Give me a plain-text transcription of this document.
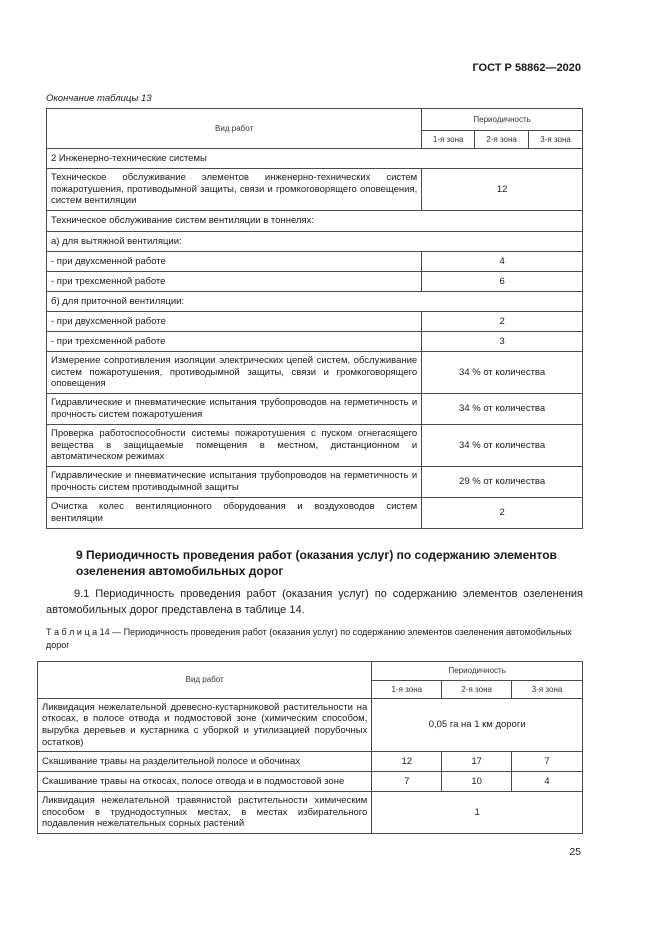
ГОСТ Р 58862—2020
Окончание таблицы 13
Вид работ	Периодичность		
	1-я зона	2-я зона	3-я зона
2 Инженерно-технические системы			
Техническое обслуживание элементов инженерно-технических систем пожаротушения, противодымной защиты, связи и громкоговорящего оповещения, систем вентиляции	12		
Техническое обслуживание систем вентиляции в тоннелях:			
а) для вытяжной вентиляции:			
- при двухсменной работе	4		
- при трехсменной работе	6		
б) для приточной вентиляции:			
- при двухсменной работе	2		
- при трехсменной работе	3		
Измерение сопротивления изоляции электрических цепей систем, обслуживание систем пожаротушения, противодымной защиты, связи и громкоговорящего оповещения	34 % от количества		
Гидравлические и пневматические испытания трубопроводов на герметичность и прочность систем пожаротушения	34 % от количества		
Проверка работоспособности системы пожаротушения с пуском огнегасящего вещества в защищаемые помещения в местном, дистанционном и автоматическом режимах	34 % от количества		
Гидравлические и пневматические испытания трубопроводов на герметичность и прочность систем противодымной защиты	29 % от количества		
Очистка колес вентиляционного оборудования и воздуховодов систем вентиляции	2		
9 Периодичность проведения работ (оказания услуг) по содержанию элементов озеленения автомобильных дорог
9.1 Периодичность проведения работ (оказания услуг) по содержанию элементов озеленения автомобильных дорог представлена в таблице 14.
Т а б л и ц а 14 — Периодичность проведения работ (оказания услуг) по содержанию элементов озеленения автомобильных дорог
Вид работ	Периодичность		
	1-я зона	2-я зона	3-я зона
Ликвидация нежелательной древесно-кустарниковой растительности на откосах, в полосе отвода и подмостовой зоне (химическим способом, вырубка деревьев и кустарника с уборкой и утилизацией порубочных остатков)	0,05 га на 1 км дороги		
Скашивание травы на разделительной полосе и обочинах	12	17	7
Скашивание травы на откосах, полосе отвода и в подмостовой зоне	7	10	4
Ликвидация нежелательной травянистой растительности химическим способом в труднодоступных местах, в местах избирательного подавления нежелательных сорных растений	1		
25
